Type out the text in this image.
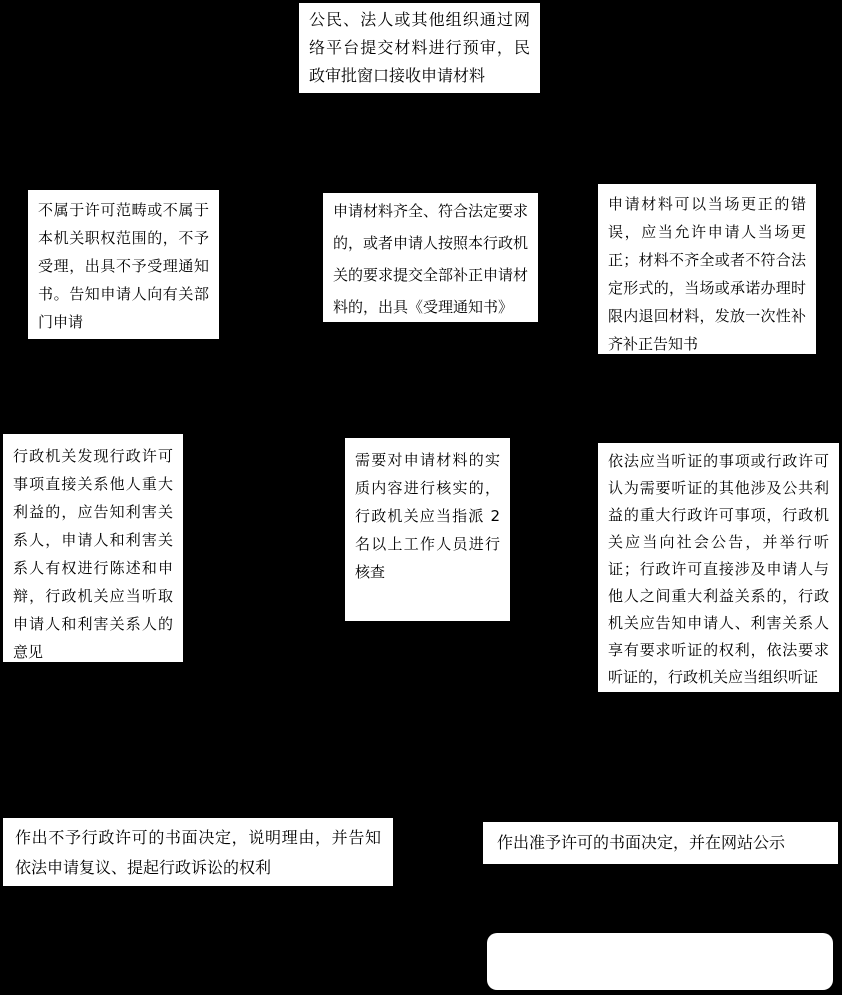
公民、法人或其他组织通过网络平台提交材料进行预审，民政审批窗口接收申请材料
不属于许可范畴或不属于本机关职权范围的，不予受理，出具不予受理通知书。告知申请人向有关部门申请
申请材料齐全、符合法定要求的，或者申请人按照本行政机关的要求提交全部补正申请材料的，出具《受理通知书》
申请材料可以当场更正的错误，应当允许申请人当场更正；材料不齐全或者不符合法定形式的，当场或承诺办理时限内退回材料，发放一次性补齐补正告知书
行政机关发现行政许可事项直接关系他人重大利益的，应告知利害关系人，申请人和利害关系人有权进行陈述和申辩，行政机关应当听取申请人和利害关系人的意见
需要对申请材料的实质内容进行核实的，行政机关应当指派 2 名以上工作人员进行核查
依法应当听证的事项或行政许可认为需要听证的其他涉及公共利益的重大行政许可事项，行政机关应当向社会公告，并举行听证；行政许可直接涉及申请人与他人之间重大利益关系的，行政机关应告知申请人、利害关系人享有要求听证的权利，依法要求听证的，行政机关应当组织听证
作出不予行政许可的书面决定，说明理由，并告知依法申请复议、提起行政诉讼的权利
作出准予许可的书面决定，并在网站公示
